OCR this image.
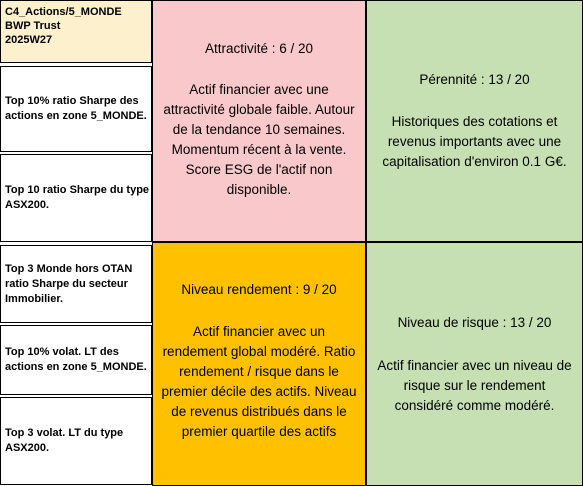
C4_Actions/5_MONDE
BWP Trust
2025W27
Top 10% ratio Sharpe des actions en zone 5_MONDE.
Top 10 ratio Sharpe du type ASX200.
Top 3 Monde hors OTAN ratio Sharpe du secteur Immobilier.
Top 10% volat. LT des actions en zone 5_MONDE.
Top 3 volat. LT du type ASX200.
Attractivité : 6 / 20
Actif financier avec une attractivité globale faible. Autour de la tendance 10 semaines. Momentum récent à la vente. Score ESG de l'actif non disponible.
Pérennité : 13 / 20
Historiques des cotations et revenus importants avec une capitalisation d'environ 0.1 G€.
Niveau rendement : 9 / 20
Actif financier avec un rendement global modéré. Ratio rendement / risque dans le premier décile des actifs. Niveau de revenus distribués dans le premier quartile des actifs
Niveau de risque : 13 / 20
Actif financier avec un niveau de risque sur le rendement considéré comme modéré.
